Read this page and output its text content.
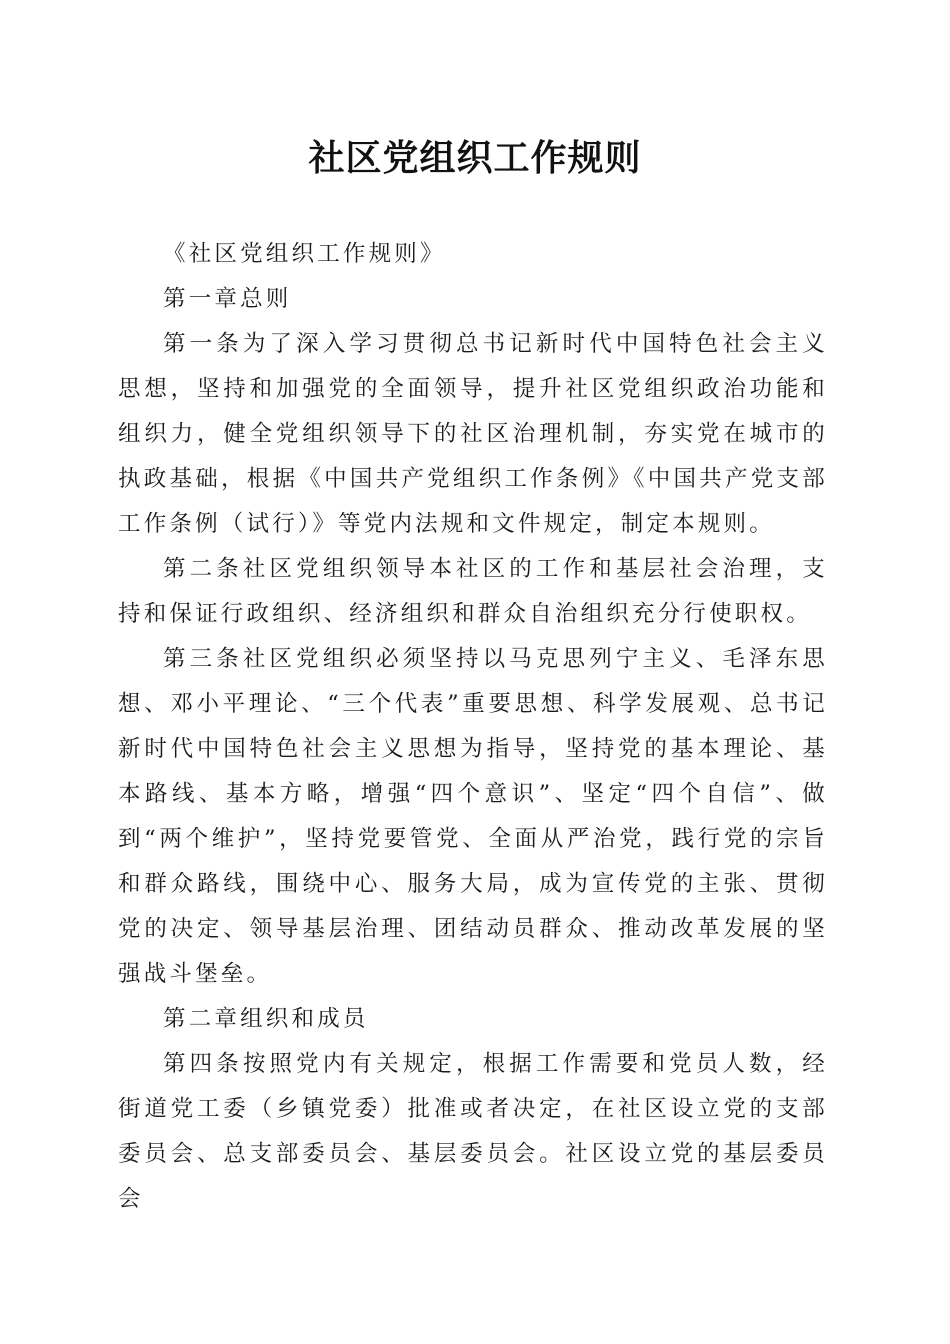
社区党组织工作规则

《社区党组织工作规则》

第一章总则

第一条为了深入学习贯彻总书记新时代中国特色社会主义思想，坚持和加强党的全面领导，提升社区党组织政治功能和组织力，健全党组织领导下的社区治理机制，夯实党在城市的执政基础，根据《中国共产党组织工作条例》《中国共产党支部工作条例（试行）》等党内法规和文件规定，制定本规则。

第二条社区党组织领导本社区的工作和基层社会治理，支持和保证行政组织、经济组织和群众自治组织充分行使职权。

第三条社区党组织必须坚持以马克思列宁主义、毛泽东思想、邓小平理论、“三个代表”重要思想、科学发展观、总书记新时代中国特色社会主义思想为指导，坚持党的基本理论、基本路线、基本方略，增强“四个意识”、坚定“四个自信”、做到“两个维护”，坚持党要管党、全面从严治党，践行党的宗旨和群众路线，围绕中心、服务大局，成为宣传党的主张、贯彻党的决定、领导基层治理、团结动员群众、推动改革发展的坚强战斗堡垒。

第二章组织和成员

第四条按照党内有关规定，根据工作需要和党员人数，经街道党工委（乡镇党委）批准或者决定，在社区设立党的支部委员会、总支部委员会、基层委员会。社区设立党的基层委员会
